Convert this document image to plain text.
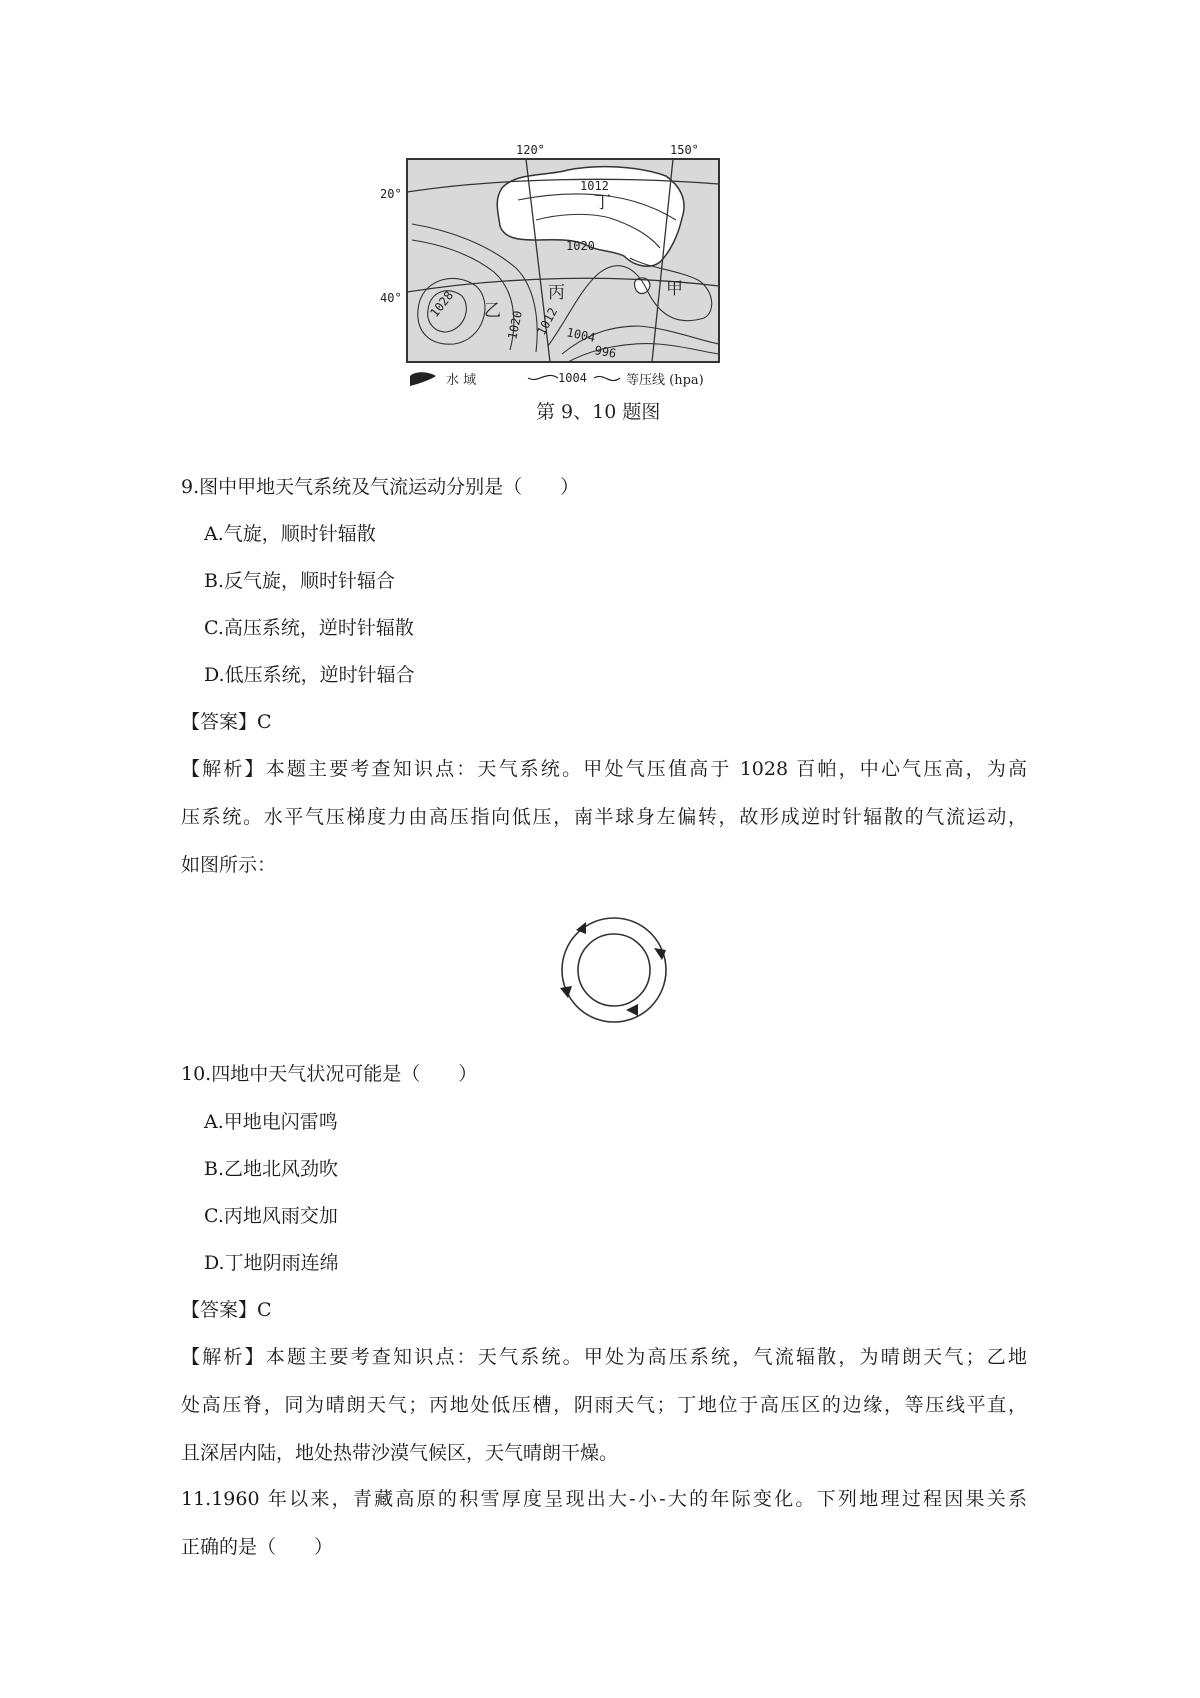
120°	150°
20°
40°
丁
乙
丙	甲
1012
1020
1028
1020 1012 1004
996
水 域	1004	等压线 (hpa)
第 9、10 题图
9.图中甲地天气系统及气流运动分别是（　　）
A.气旋，顺时针辐散
B.反气旋，顺时针辐合
C.高压系统，逆时针辐散
D.低压系统，逆时针辐合
【答案】C

【解析】本题主要考查知识点：天气系统。甲处气压值高于 1028 百帕，中心气压高，为高

压系统。水平气压梯度力由高压指向低压，南半球身左偏转，故形成逆时针辐散的气流运动，

如图所示：

10.四地中天气状况可能是（　　）
A.甲地电闪雷鸣
B.乙地北风劲吹
C.丙地风雨交加
D.丁地阴雨连绵
【答案】C

【解析】本题主要考查知识点：天气系统。甲处为高压系统，气流辐散，为晴朗天气；乙地

处高压脊，同为晴朗天气；丙地处低压槽，阴雨天气；丁地位于高压区的边缘，等压线平直，

且深居内陆，地处热带沙漠气候区，天气晴朗干燥。

11.1960 年以来，青藏高原的积雪厚度呈现出大-小-大的年际变化。下列地理过程因果关系

正确的是（　　）
